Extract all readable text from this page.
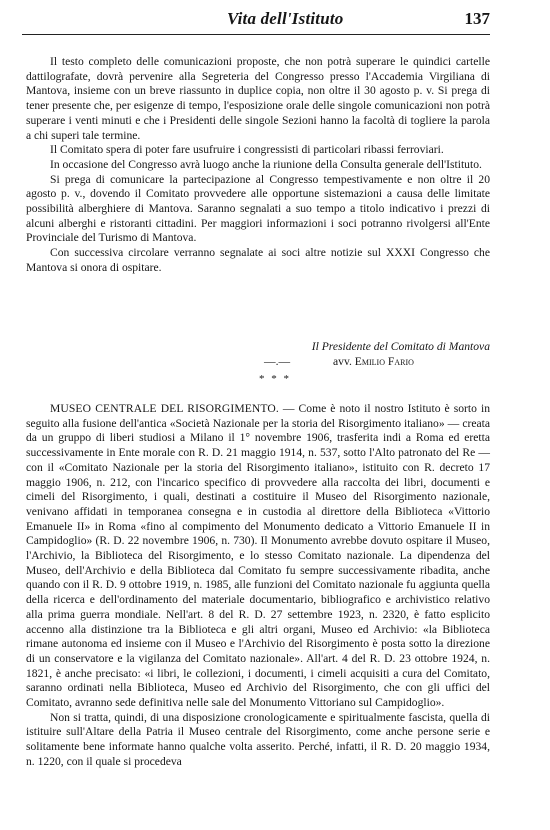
Vita dell'Istituto	137

Il testo completo delle comunicazioni proposte, che non potrà superare le quindici cartelle dattilografate, dovrà pervenire alla Segreteria del Congresso presso l'Accademia Virgiliana di Mantova, insieme con un breve riassunto in duplice copia, non oltre il 30 agosto p. v. Si prega di tener presente che, per esigenze di tempo, l'esposizione orale delle singole comunicazioni non potrà superare i venti minuti e che i Presidenti delle singole Sezioni hanno la facoltà di togliere la parola a chi superi tale termine.

Il Comitato spera di poter fare usufruire i congressisti di particolari ribassi ferroviari.

In occasione del Congresso avrà luogo anche la riunione della Consulta generale dell'Istituto.

Si prega di comunicare la partecipazione al Congresso tempestivamente e non oltre il 20 agosto p. v., dovendo il Comitato provvedere alle opportune sistemazioni a causa delle limitate possibilità alberghiere di Mantova. Saranno segnalati a suo tempo a titolo indicativo i prezzi di alcuni alberghi e ristoranti cittadini. Per maggiori informazioni i soci potranno rivolgersi all'Ente Provinciale del Turismo di Mantova.

Con successiva circolare verranno segnalate ai soci altre notizie sul XXXI Congresso che Mantova si onora di ospitare.

Il Presidente del Comitato di Mantova
—.—	avv. Emilio Fario
* * *

MUSEO CENTRALE DEL RISORGIMENTO. — Come è noto il nostro Istituto è sorto in seguito alla fusione dell'antica «Società Nazionale per la storia del Risorgimento italiano» — creata da un gruppo di liberi studiosi a Milano il 1° novembre 1906, trasferita indi a Roma ed eretta successivamente in Ente morale con R. D. 21 maggio 1914, n. 537, sotto l'Alto patronato del Re — con il «Comitato Nazionale per la storia del Risorgimento italiano», istituito con R. decreto 17 maggio 1906, n. 212, con l'incarico specifico di provvedere alla raccolta dei libri, documenti e cimeli del Risorgimento, i quali, destinati a costituire il Museo del Risorgimento nazionale, venivano affidati in temporanea consegna e in custodia al direttore della Biblioteca «Vittorio Emanuele II» in Roma «fino al compimento del Monumento dedicato a Vittorio Emanuele II in Campidoglio» (R. D. 22 novembre 1906, n. 730). Il Monumento avrebbe dovuto ospitare il Museo, l'Archivio, la Biblioteca del Risorgimento, e lo stesso Comitato nazionale. La dipendenza del Museo, dell'Archivio e della Biblioteca dal Comitato fu sempre successivamente ribadita, anche quando con il R. D. 9 ottobre 1919, n. 1985, alle funzioni del Comitato nazionale fu aggiunta quella della ricerca e dell'ordinamento del materiale documentario, bibliografico e archivistico relativo alla prima guerra mondiale. Nell'art. 8 del R. D. 27 settembre 1923, n. 2320, è fatto esplicito accenno alla distinzione tra la Biblioteca e gli altri organi, Museo ed Archivio: «la Biblioteca rimane autonoma ed insieme con il Museo e l'Archivio del Risorgimento è posta sotto la direzione di un conservatore e la vigilanza del Comitato nazionale». All'art. 4 del R. D. 23 ottobre 1924, n. 1821, è anche precisato: «i libri, le collezioni, i documenti, i cimeli acquisiti a cura del Comitato, saranno ordinati nella Biblioteca, Museo ed Archivio del Risorgimento, che con gli uffici del Comitato, avranno sede definitiva nelle sale del Monumento Vittoriano sul Campidoglio».

Non si tratta, quindi, di una disposizione cronologicamente e spiritualmente fascista, quella di istituire sull'Altare della Patria il Museo centrale del Risorgimento, come anche persone serie e solitamente bene informate hanno qualche volta asserito. Perché, infatti, il R. D. 20 maggio 1934, n. 1220, con il quale si procedeva
